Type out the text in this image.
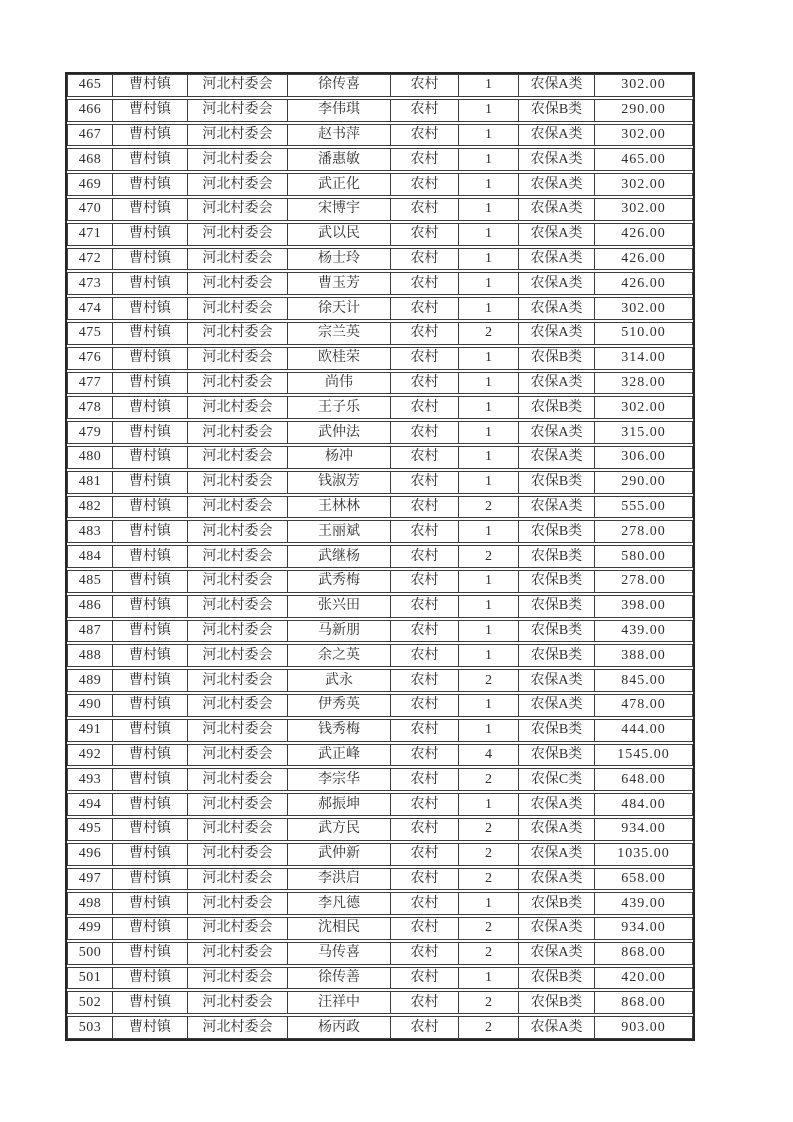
465	曹村镇	河北村委会	徐传喜	农村	1	农保A类	302.00
466	曹村镇	河北村委会	李伟琪	农村	1	农保B类	290.00
467	曹村镇	河北村委会	赵书萍	农村	1	农保A类	302.00
468	曹村镇	河北村委会	潘惠敏	农村	1	农保A类	465.00
469	曹村镇	河北村委会	武正化	农村	1	农保A类	302.00
470	曹村镇	河北村委会	宋博宇	农村	1	农保A类	302.00
471	曹村镇	河北村委会	武以民	农村	1	农保A类	426.00
472	曹村镇	河北村委会	杨士玲	农村	1	农保A类	426.00
473	曹村镇	河北村委会	曹玉芳	农村	1	农保A类	426.00
474	曹村镇	河北村委会	徐天计	农村	1	农保A类	302.00
475	曹村镇	河北村委会	宗兰英	农村	2	农保A类	510.00
476	曹村镇	河北村委会	欧桂荣	农村	1	农保B类	314.00
477	曹村镇	河北村委会	尚伟	农村	1	农保A类	328.00
478	曹村镇	河北村委会	王子乐	农村	1	农保B类	302.00
479	曹村镇	河北村委会	武仲法	农村	1	农保A类	315.00
480	曹村镇	河北村委会	杨冲	农村	1	农保A类	306.00
481	曹村镇	河北村委会	钱淑芳	农村	1	农保B类	290.00
482	曹村镇	河北村委会	王林林	农村	2	农保A类	555.00
483	曹村镇	河北村委会	王丽斌	农村	1	农保B类	278.00
484	曹村镇	河北村委会	武继杨	农村	2	农保B类	580.00
485	曹村镇	河北村委会	武秀梅	农村	1	农保B类	278.00
486	曹村镇	河北村委会	张兴田	农村	1	农保B类	398.00
487	曹村镇	河北村委会	马新朋	农村	1	农保B类	439.00
488	曹村镇	河北村委会	余之英	农村	1	农保B类	388.00
489	曹村镇	河北村委会	武永	农村	2	农保A类	845.00
490	曹村镇	河北村委会	伊秀英	农村	1	农保A类	478.00
491	曹村镇	河北村委会	钱秀梅	农村	1	农保B类	444.00
492	曹村镇	河北村委会	武正峰	农村	4	农保B类	1545.00
493	曹村镇	河北村委会	李宗华	农村	2	农保C类	648.00
494	曹村镇	河北村委会	郝振坤	农村	1	农保A类	484.00
495	曹村镇	河北村委会	武方民	农村	2	农保A类	934.00
496	曹村镇	河北村委会	武仲新	农村	2	农保A类	1035.00
497	曹村镇	河北村委会	李洪启	农村	2	农保A类	658.00
498	曹村镇	河北村委会	李凡德	农村	1	农保B类	439.00
499	曹村镇	河北村委会	沈相民	农村	2	农保A类	934.00
500	曹村镇	河北村委会	马传喜	农村	2	农保A类	868.00
501	曹村镇	河北村委会	徐传善	农村	1	农保B类	420.00
502	曹村镇	河北村委会	汪祥中	农村	2	农保B类	868.00
503	曹村镇	河北村委会	杨丙政	农村	2	农保A类	903.00
